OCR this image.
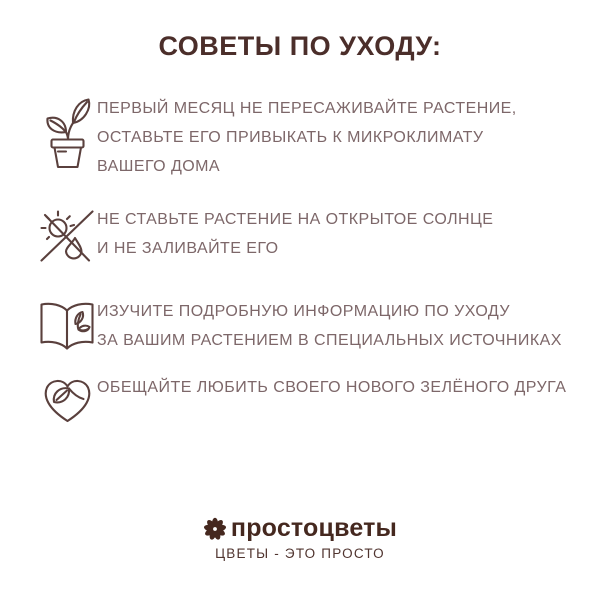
СОВЕТЫ ПО УХОДУ:
ПЕРВЫЙ МЕСЯЦ НЕ ПЕРЕСАЖИВАЙТЕ РАСТЕНИЕ,
ОСТАВЬТЕ ЕГО ПРИВЫКАТЬ К МИКРОКЛИМАТУ
ВАШЕГО ДОМА
НЕ СТАВЬТЕ РАСТЕНИЕ НА ОТКРЫТОЕ СОЛНЦЕ
И НЕ ЗАЛИВАЙТЕ ЕГО
ИЗУЧИТЕ ПОДРОБНУЮ ИНФОРМАЦИЮ ПО УХОДУ
ЗА ВАШИМ РАСТЕНИЕМ В СПЕЦИАЛЬНЫХ ИСТОЧНИКАХ
ОБЕЩАЙТЕ ЛЮБИТЬ СВОЕГО НОВОГО ЗЕЛЁНОГО ДРУГА
простоцветы
ЦВЕТЫ - ЭТО ПРОСТО
